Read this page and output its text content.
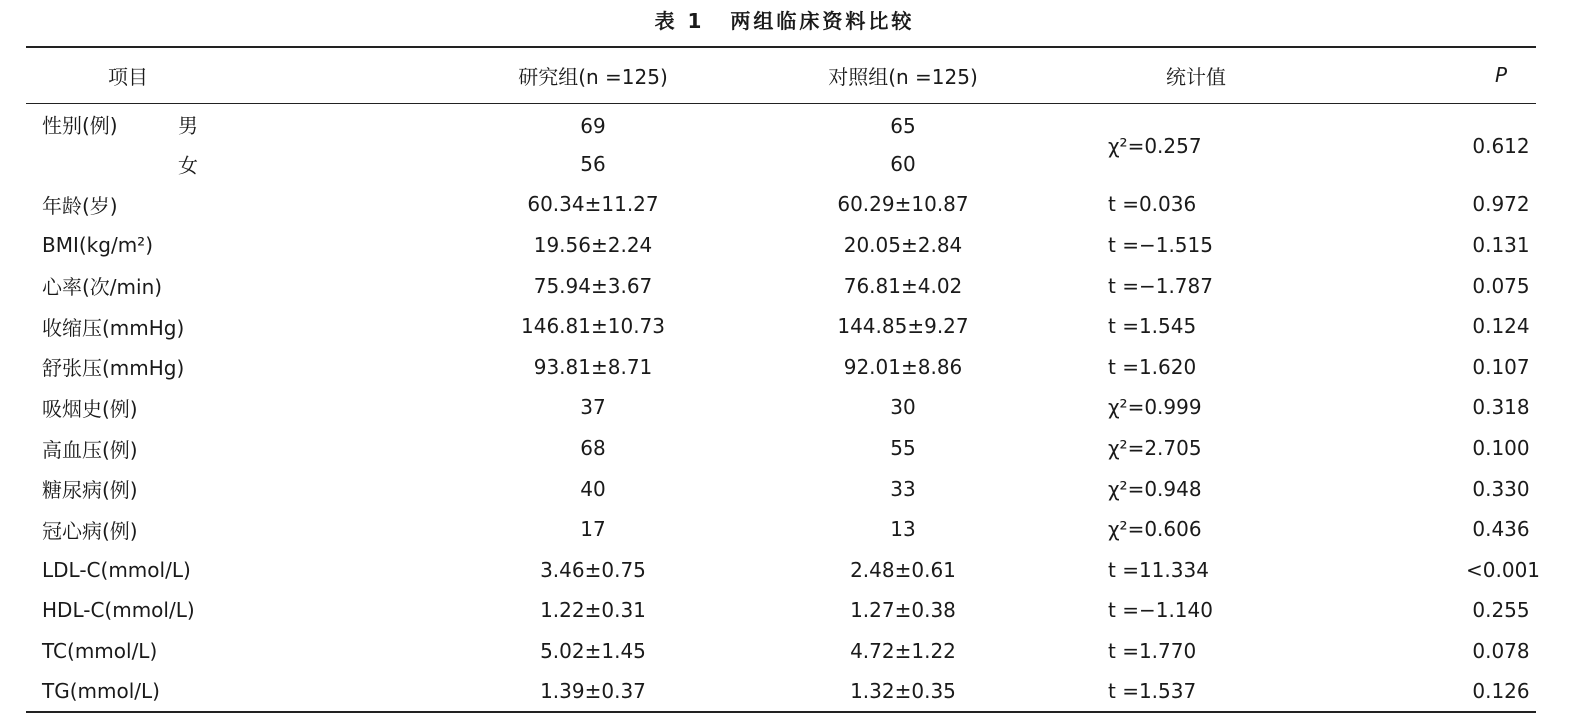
表 1 两组临床资料比较
项目	研究组(n =125)	对照组(n =125)	统计值	P

性别(例) 男	69	65	χ²=0.257	0.612

女	56	60		
年龄(岁)	60.34±11.27	60.29±10.87	t =0.036	0.972
BMI(kg/m²)	19.56±2.24	20.05±2.84	t =−1.515	0.131
心率(次/min)	75.94±3.67	76.81±4.02	t =−1.787	0.075
收缩压(mmHg)	146.81±10.73	144.85±9.27	t =1.545	0.124
舒张压(mmHg)	93.81±8.71	92.01±8.86	t =1.620	0.107
吸烟史(例)	37	30	χ²=0.999	0.318
高血压(例)	68	55	χ²=2.705	0.100
糖尿病(例)	40	33	χ²=0.948	0.330
冠心病(例)	17	13	χ²=0.606	0.436
LDL-C(mmol/L)	3.46±0.75	2.48±0.61	t =11.334	<0.001
HDL-C(mmol/L)	1.22±0.31	1.27±0.38	t =−1.140	0.255
TC(mmol/L)	5.02±1.45	4.72±1.22	t =1.770	0.078
TG(mmol/L)	1.39±0.37	1.32±0.35	t =1.537	0.126
